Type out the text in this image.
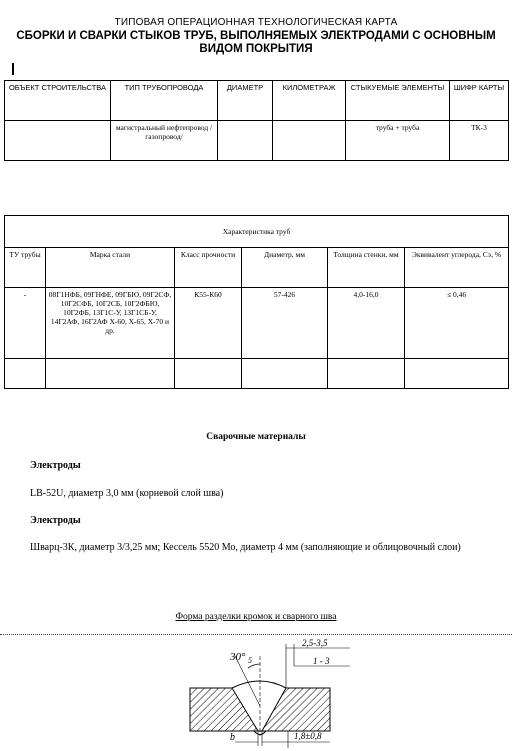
ТИПОВАЯ ОПЕРАЦИОННАЯ ТЕХНОЛОГИЧЕСКАЯ КАРТА
СБОРКИ И СВАРКИ СТЫКОВ ТРУБ, ВЫПОЛНЯЕМЫХ ЭЛЕКТРОДАМИ С ОСНОВНЫМ ВИДОМ ПОКРЫТИЯ
ОБЪЕКТ СТРОИТЕЛЬСТВА	ТИП ТРУБОПРОВОДА	ДИАМЕТР	КИЛОМЕТРАЖ	СТЫКУЕМЫЕ ЭЛЕМЕНТЫ	ШИФР КАРТЫ
	магистральный нефтепровод /газопровод/			труба + труба	ТК-3
Характеристика труб					
ТУ трубы	Марка стали	Класс прочности	Диаметр, мм	Толщина стенки, мм	Эквивалент углерода, Сэ, %
-	08Г1НФБ, 09ГНФЕ, 09ГБЮ, 09Г2СФ, 10Г2СФБ, 10Г2СБ, 10Г2ФБЮ, 10Г2ФБ, 13Г1С-У, 13Г1СБ-У, 14Г2АФ, 16Г2АФ Х-60, Х-65, Х-70 и др.	К55-К60	57-426	4,0-16,0	≤ 0,46

Сварочные материалы
Электроды
LB-52U, диаметр 3,0 мм (корневой слой шва)
Электроды
Шварц-3К, диаметр 3/3,25 мм; Кессель 5520 Мо, диаметр 4 мм (заполняющие и облицовочный слои)
Форма разделки кромок и сварного шва
30° 5
2,5-3,5
1 - 3
b	1,8±0,8
